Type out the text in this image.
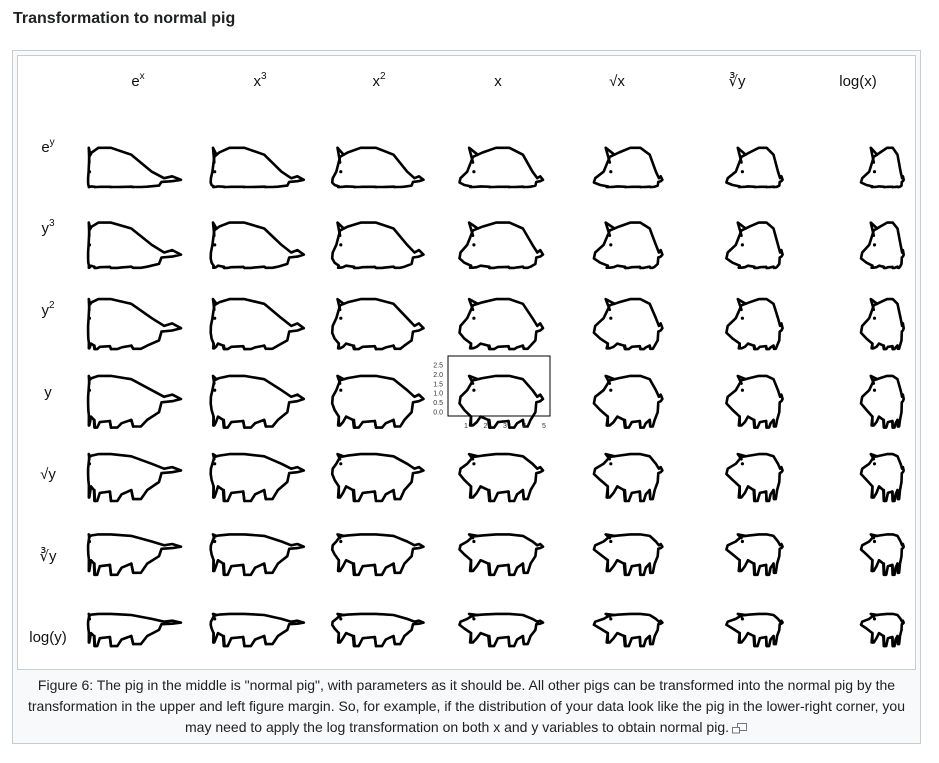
Transformation to normal pig
$e^x$	$x^3$	$x^2$	x	√x	∛y	log(x)
$e^y$
$y^3$
$y^2$
y
√y
∛y
log(y)
2.5
2.0
1.5
1.0
0.5
0.0
1 2 3 4 5
Figure 6: The pig in the middle is "normal pig", with parameters as it should be. All other pigs can be transformed into the normal pig by the transformation in the upper and left figure margin. So, for example, if the distribution of your data look like the pig in the lower-right corner, you may need to apply the log transformation on both x and y variables to obtain normal pig.
